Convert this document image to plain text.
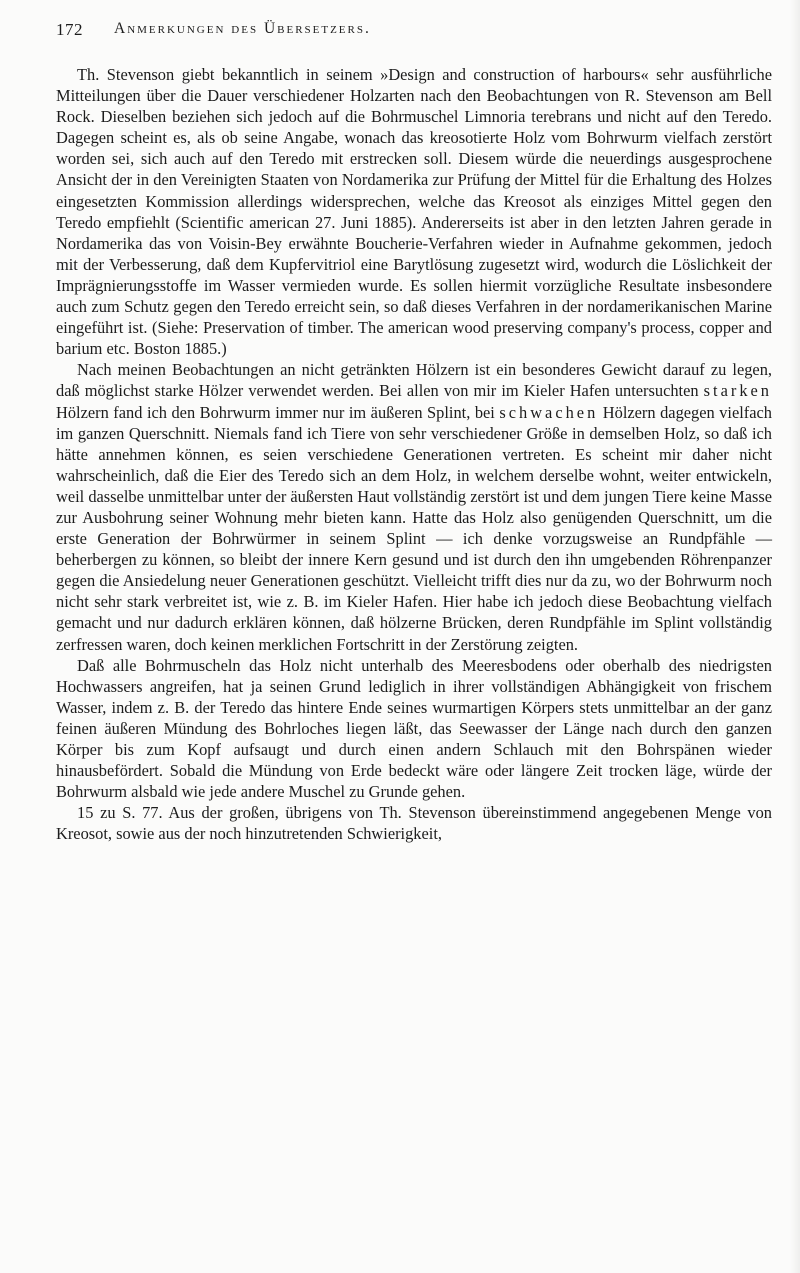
172 Anmerkungen des Übersetzers.

Th. Stevenson giebt bekanntlich in seinem »Design and construction of harbours« sehr ausführliche Mitteilungen über die Dauer verschiedener Holzarten nach den Beobachtungen von R. Stevenson am Bell Rock. Dieselben beziehen sich jedoch auf die Bohrmuschel Limnoria terebrans und nicht auf den Teredo. Dagegen scheint es, als ob seine Angabe, wonach das kreosotierte Holz vom Bohrwurm vielfach zerstört worden sei, sich auch auf den Teredo mit erstrecken soll. Diesem würde die neuerdings ausgesprochene Ansicht der in den Vereinigten Staaten von Nordamerika zur Prüfung der Mittel für die Erhaltung des Holzes eingesetzten Kommission allerdings widersprechen, welche das Kreosot als einziges Mittel gegen den Teredo empfiehlt (Scientific american 27. Juni 1885). Andererseits ist aber in den letzten Jahren gerade in Nordamerika das von Voisin-Bey erwähnte Boucherie-Verfahren wieder in Aufnahme gekommen, jedoch mit der Verbesserung, daß dem Kupfervitriol eine Barytlösung zugesetzt wird, wodurch die Löslichkeit der Imprägnierungsstoffe im Wasser vermieden wurde. Es sollen hiermit vorzügliche Resultate insbesondere auch zum Schutz gegen den Teredo erreicht sein, so daß dieses Verfahren in der nordamerikanischen Marine eingeführt ist. (Siehe: Preservation of timber. The american wood preserving company's process, copper and barium etc. Boston 1885.)

Nach meinen Beobachtungen an nicht getränkten Hölzern ist ein besonderes Gewicht darauf zu legen, daß möglichst starke Hölzer verwendet werden. Bei allen von mir im Kieler Hafen untersuchten starken Hölzern fand ich den Bohrwurm immer nur im äußeren Splint, bei schwachen Hölzern dagegen vielfach im ganzen Querschnitt. Niemals fand ich Tiere von sehr verschiedener Größe in demselben Holz, so daß ich hätte annehmen können, es seien verschiedene Generationen vertreten. Es scheint mir daher nicht wahrscheinlich, daß die Eier des Teredo sich an dem Holz, in welchem derselbe wohnt, weiter entwickeln, weil dasselbe unmittelbar unter der äußersten Haut vollständig zerstört ist und dem jungen Tiere keine Masse zur Ausbohrung seiner Wohnung mehr bieten kann. Hatte das Holz also genügenden Querschnitt, um die erste Generation der Bohrwürmer in seinem Splint — ich denke vorzugsweise an Rundpfähle — beherbergen zu können, so bleibt der innere Kern gesund und ist durch den ihn umgebenden Röhrenpanzer gegen die Ansiedelung neuer Generationen geschützt. Vielleicht trifft dies nur da zu, wo der Bohrwurm noch nicht sehr stark verbreitet ist, wie z. B. im Kieler Hafen. Hier habe ich jedoch diese Beobachtung vielfach gemacht und nur dadurch erklären können, daß hölzerne Brücken, deren Rundpfähle im Splint vollständig zerfressen waren, doch keinen merklichen Fortschritt in der Zerstörung zeigten.

Daß alle Bohrmuscheln das Holz nicht unterhalb des Meeresbodens oder oberhalb des niedrigsten Hochwassers angreifen, hat ja seinen Grund lediglich in ihrer vollständigen Abhängigkeit von frischem Wasser, indem z. B. der Teredo das hintere Ende seines wurmartigen Körpers stets unmittelbar an der ganz feinen äußeren Mündung des Bohrloches liegen läßt, das Seewasser der Länge nach durch den ganzen Körper bis zum Kopf aufsaugt und durch einen andern Schlauch mit den Bohrspänen wieder hinausbefördert. Sobald die Mündung von Erde bedeckt wäre oder längere Zeit trocken läge, würde der Bohrwurm alsbald wie jede andere Muschel zu Grunde gehen.

15 zu S. 77. Aus der großen, übrigens von Th. Stevenson übereinstimmend angegebenen Menge von Kreosot, sowie aus der noch hinzutretenden Schwierigkeit,
